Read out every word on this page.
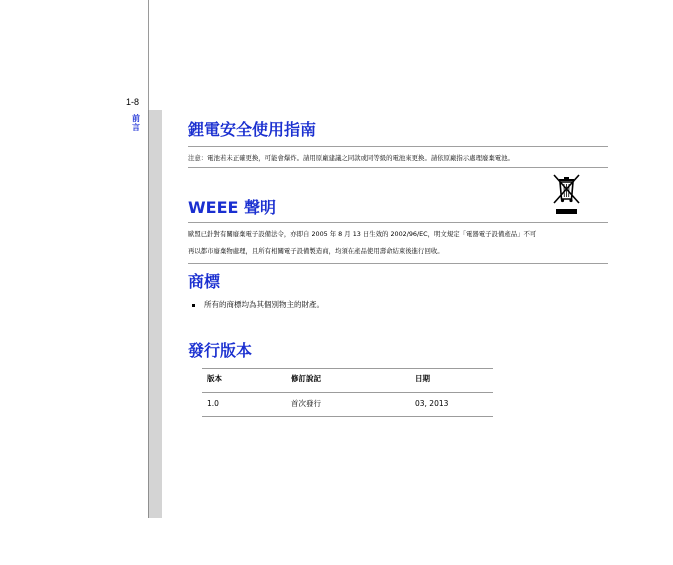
1-8
前言	鋰電安全使用指南
注意：電池若未正確更換，可能會爆炸。請用原廠建議之同款或同等級的電池來更換。請依原廠指示處理廢棄電池。
WEEE 聲明
歐盟已針對有關廢棄電子設備法令，亦即自 2005 年 8 月 13 日生效的 2002/96/EC，明文規定「電器電子設備產品」不可
再以都市廢棄物處理，且所有相關電子設備製造商，均須在產品使用壽命結束後進行回收。
商標
所有的商標均為其個別物主的財產。
發行版本
版本	修訂說記	日期
1.0	首次發行	03, 2013
